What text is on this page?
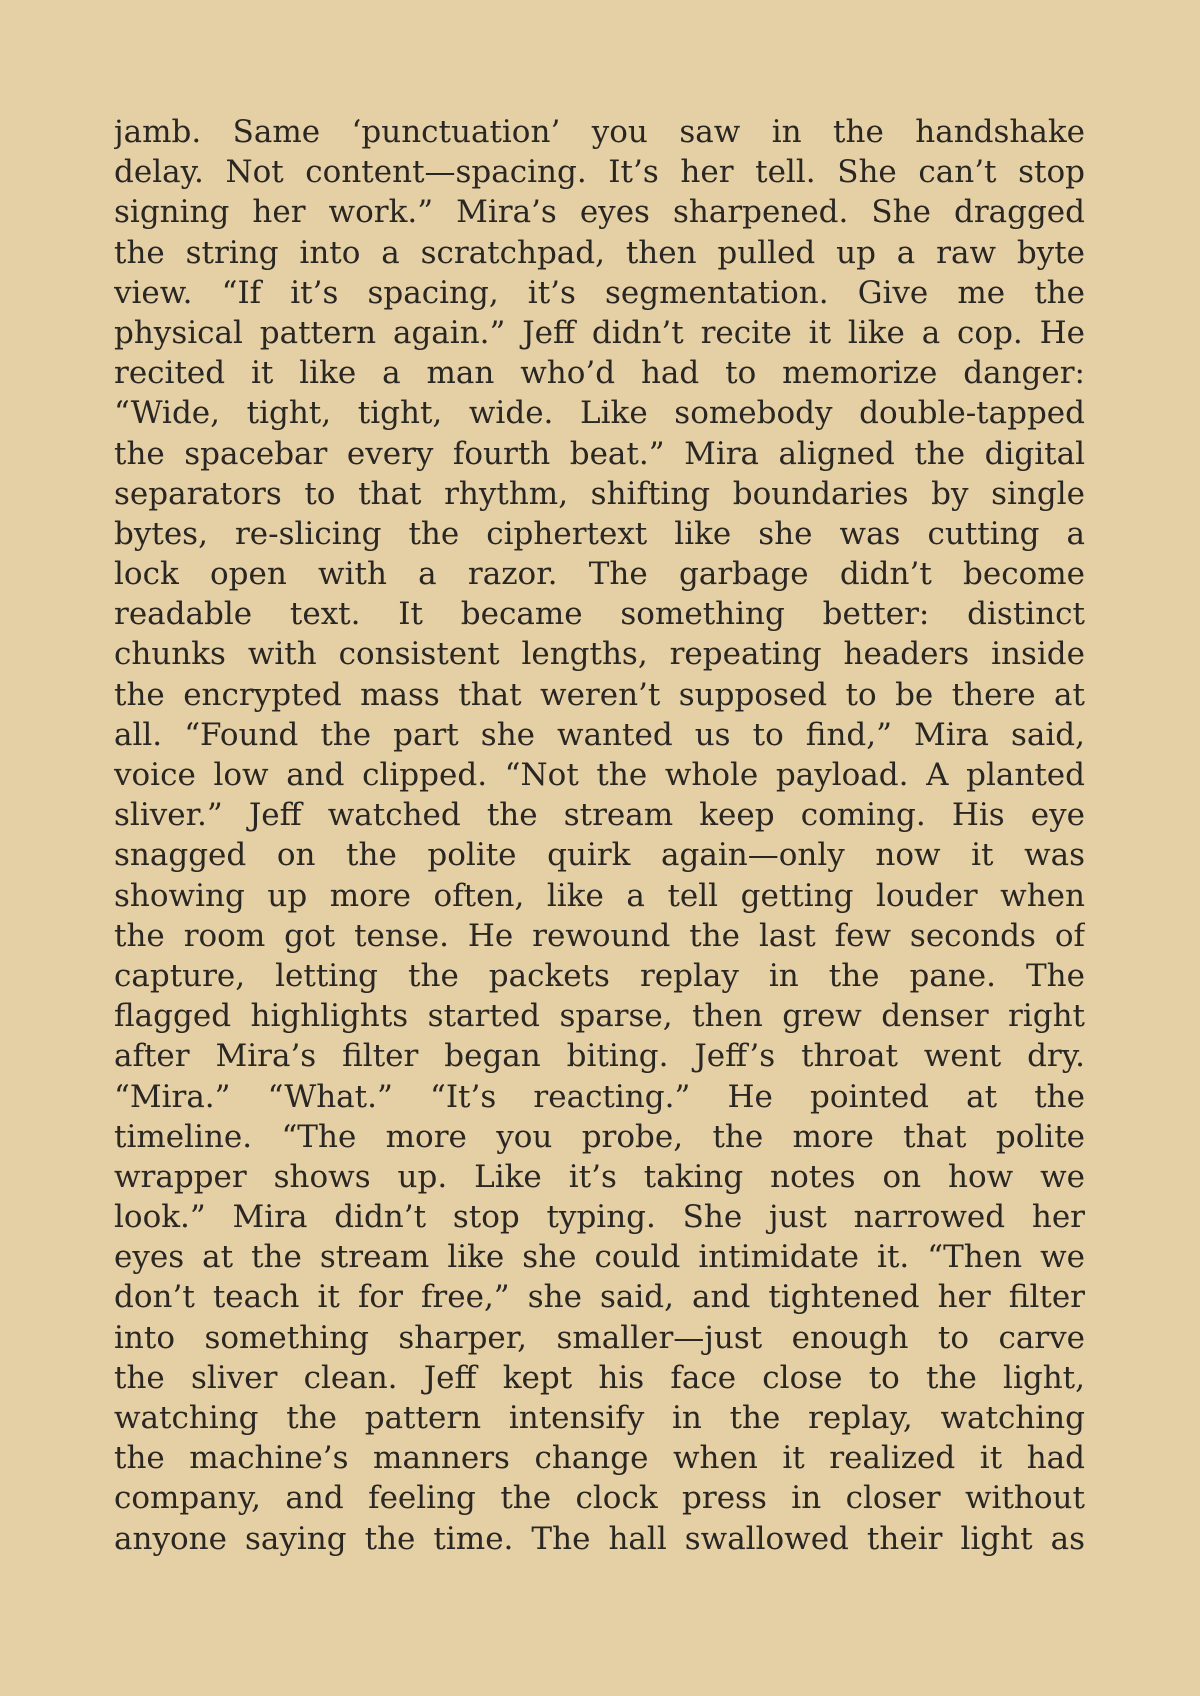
jamb. Same ‘punctuation’ you saw in the handshake
delay. Not content—spacing. It’s her tell. She can’t stop
signing her work.” Mira’s eyes sharpened. She dragged
the string into a scratchpad, then pulled up a raw byte
view. “If it’s spacing, it’s segmentation. Give me the
physical pattern again.” Jeff didn’t recite it like a cop. He
recited it like a man who’d had to memorize danger:
“Wide, tight, tight, wide. Like somebody double-tapped
the spacebar every fourth beat.” Mira aligned the digital
separators to that rhythm, shifting boundaries by single
bytes, re-slicing the ciphertext like she was cutting a
lock open with a razor. The garbage didn’t become
readable text. It became something better: distinct
chunks with consistent lengths, repeating headers inside
the encrypted mass that weren’t supposed to be there at
all. “Found the part she wanted us to find,” Mira said,
voice low and clipped. “Not the whole payload. A planted
sliver.” Jeff watched the stream keep coming. His eye
snagged on the polite quirk again—only now it was
showing up more often, like a tell getting louder when
the room got tense. He rewound the last few seconds of
capture, letting the packets replay in the pane. The
flagged highlights started sparse, then grew denser right
after Mira’s filter began biting. Jeff’s throat went dry.
“Mira.” “What.” “It’s reacting.” He pointed at the
timeline. “The more you probe, the more that polite
wrapper shows up. Like it’s taking notes on how we
look.” Mira didn’t stop typing. She just narrowed her
eyes at the stream like she could intimidate it. “Then we
don’t teach it for free,” she said, and tightened her filter
into something sharper, smaller—just enough to carve
the sliver clean. Jeff kept his face close to the light,
watching the pattern intensify in the replay, watching
the machine’s manners change when it realized it had
company, and feeling the clock press in closer without
anyone saying the time. The hall swallowed their light as
